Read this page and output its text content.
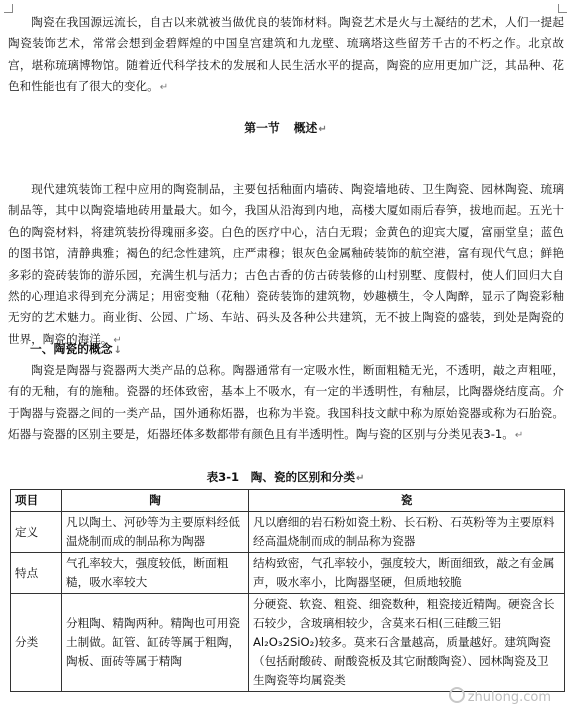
陶瓷在我国源远流长，自古以来就被当做优良的装饰材料。陶瓷艺术是火与土凝结的艺术，人们一提起陶瓷装饰艺术，常常会想到金碧辉煌的中国皇宫建筑和九龙壁、琉璃塔这些留芳千古的不朽之作。北京故宫，堪称琉璃博物馆。随着近代科学技术的发展和人民生活水平的提高，陶瓷的应用更加广泛，其品种、花色和性能也有了很大的变化。↵

第一节 概述↵

现代建筑装饰工程中应用的陶瓷制品，主要包括釉面内墙砖、陶瓷墙地砖、卫生陶瓷、园林陶瓷、琉璃制品等，其中以陶瓷墙地砖用量最大。如今，我国从沿海到内地，高楼大厦如雨后春笋，拔地而起。五光十色的陶瓷材料，将建筑装扮得瑰丽多姿。白色的医疗中心，洁白无瑕；金黄色的迎宾大厦，富丽堂皇；蓝色的图书馆，清静典雅；褐色的纪念性建筑，庄严肃穆；银灰色金属釉砖装饰的航空港，富有现代气息；鲜艳多彩的瓷砖装饰的游乐园，充满生机与活力；古色古香的仿古砖装修的山村别墅、度假村，使人们回归大自然的心理追求得到充分满足；用密变釉（花釉）瓷砖装饰的建筑物，妙趣横生，令人陶醉，显示了陶瓷彩釉无穷的艺术魅力。商业街、公园、广场、车站、码头及各种公共建筑，无不披上陶瓷的盛装，到处是陶瓷的世界，陶瓷的海洋。↵

一、陶瓷的概念↓

陶瓷是陶器与瓷器两大类产品的总称。陶器通常有一定吸水性，断面粗糙无光，不透明，敲之声粗哑，有的无釉，有的施釉。瓷器的坯体致密，基本上不吸水，有一定的半透明性，有釉层，比陶器烧结度高。介于陶器与瓷器之间的一类产品，国外通称炻器，也称为半瓷。我国科技文献中称为原始瓷器或称为石胎瓷。炻器与瓷器的区别主要是，炻器坯体多数都带有颜色且有半透明性。陶与瓷的区别与分类见表3-1。↵

表3-1　陶、瓷的区别和分类↵

项目	陶	瓷
定义	凡以陶土、河砂等为主要原料经低温烧制而成的制品称为陶器	凡以磨细的岩石粉如瓷土粉、长石粉、石英粉等为主要原料经高温烧制而成的制品称为瓷器
特点	气孔率较大，强度较低，断面粗糙，吸水率较大	结构致密，气孔率较小，强度较大，断面细致，敲之有金属声，吸水率小，比陶器坚硬，但质地较脆
分类	分粗陶、精陶两种。精陶也可用瓷土制做。缸管、缸砖等属于粗陶，陶板、面砖等属于精陶	分硬瓷、软瓷、粗瓷、细瓷数种，粗瓷接近精陶。硬瓷含长石较少，含玻璃相较少，含莫来石相(三硅酸三铝 Al₂O₃2SiO₂)较多。莫来石含量越高，质量越好。建筑陶瓷（包括耐酸砖、耐酸瓷板及其它耐酸陶瓷）、园林陶瓷及卫生陶瓷等均属瓷类
zhulong.com
